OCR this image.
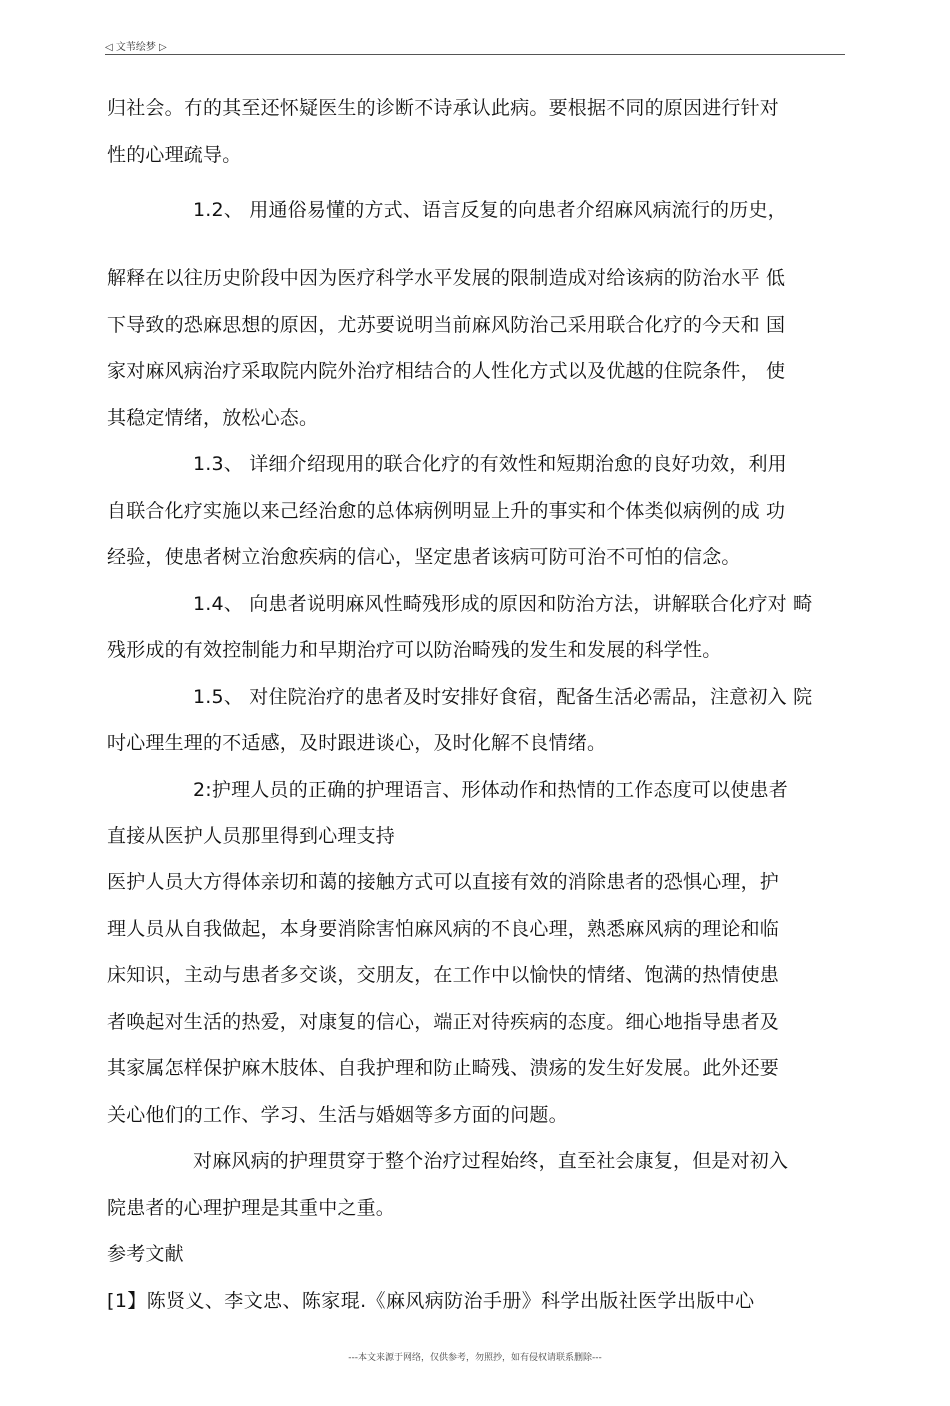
◁ 文苇绘梦 ▷
归社会。冇的其至还怀疑医生的诊断不诗承认此病。要根据不同的原因进行针对
性的心理疏导。
1.2、 用通俗易懂的方式、语言反复的向患者介绍麻风病流行的历史，
解释在以往历史阶段中因为医疗科学水平发展的限制造成对给该病的防治水平 低
下导致的恐麻思想的原因，尤苏要说明当前麻风防治己采用联合化疗的今天和 国
家对麻风病治疗采取院内院外治疗相结合的人性化方式以及优越的住院条件， 使
其稳定情绪，放松心态。
1.3、 详细介绍现用的联合化疗的有效性和短期治愈的良好功效，利用
自联合化疗实施以来己经治愈的总体病例明显上升的事实和个体类似病例的成 功
经验，使患者树立治愈疾病的信心，坚定患者该病可防可治不可怕的信念。
1.4、 向患者说明麻风性畸残形成的原因和防治方法，讲解联合化疗对 畸
残形成的有效控制能力和早期治疗可以防治畸残的发生和发展的科学性。
1.5、 对住院治疗的患者及时安排好食宿，配备生活必需品，注意初入 院
吋心理生理的不适感，及时跟进谈心，及时化解不良情绪。
2:护理人员的正确的护理语言、形体动作和热情的工作态度可以使患者
直接从医护人员那里得到心理支持
医护人员大方得体亲切和蔼的接触方式可以直接有效的消除患者的恐惧心理，护
理人员从自我做起，本身要消除害怕麻风病的不良心理，熟悉麻风病的理论和临
床知识，主动与患者多交谈，交朋友，在工作中以愉快的情绪、饱满的热情使患
者唤起对生活的热爱，对康复的信心，端正对待疾病的态度。细心地指导患者及
其家属怎样保护麻木肢体、自我护理和防止畸残、溃疡的发生好发展。此外还要
关心他们的工作、学习、生活与婚姻等多方面的问题。
对麻风病的护理贯穿于整个治疗过程始终，直至社会康复，但是对初入
院患者的心理护理是其重中之重。
参考文献
[1】陈贤义、李文忠、陈家琨.《麻风病防治手册》科学出版社医学出版中心
---本文来源于网络，仅供参考，勿照抄，如有侵权请联系删除---
